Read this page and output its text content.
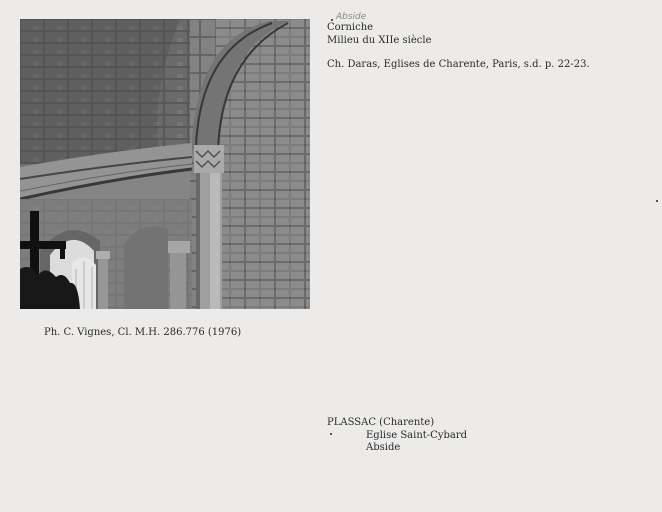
Abside
Corniche
Milieu du XIIe siècle
Ch. Daras, Eglises de Charente, Paris, s.d. p. 22-23.
Ph. C. Vignes, Cl. M.H. 286.776 (1976)
PLASSAC (Charente)
Eglise Saint-Cybard
Abside
